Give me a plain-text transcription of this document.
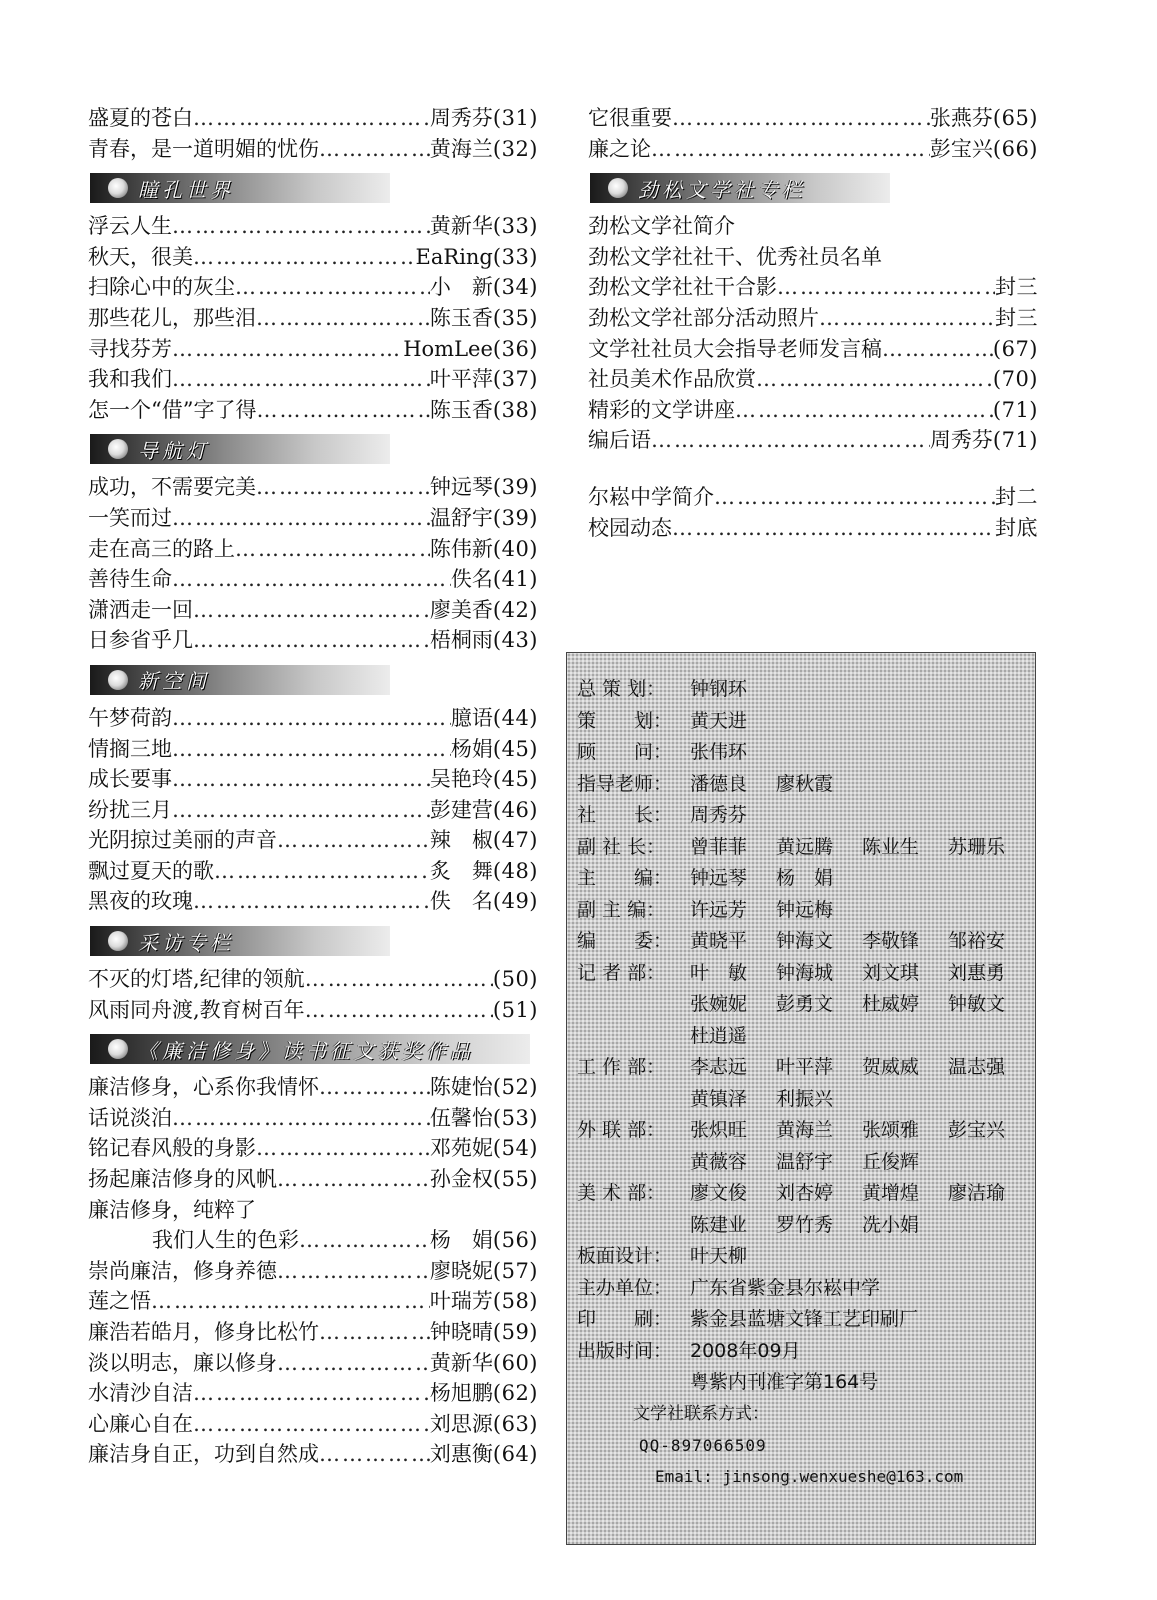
盛夏的苍白 …………………………………………………………………………………………	周秀芬 (31)
青春，是一道明媚的忧伤 …………………………………………………………………………………………	黄海兰 (32)
瞳孔世界
浮云人生 …………………………………………………………………………………………	黄新华 (33)
秋天，很美 …………………………………………………………………………………………	EaRing (33)
扫除心中的灰尘 …………………………………………………………………………………………	小　新 (34)
那些花儿，那些泪 …………………………………………………………………………………………	陈玉香 (35)
寻找芬芳 …………………………………………………………………………………………	HomLee (36)
我和我们 …………………………………………………………………………………………	叶平萍 (37)
怎一个“借”字了得 …………………………………………………………………………………………	陈玉香 (38)
导航灯
成功，不需要完美 …………………………………………………………………………………………	钟远琴 (39)
一笑而过 …………………………………………………………………………………………	温舒宇 (39)
走在高三的路上 …………………………………………………………………………………………	陈伟新 (40)
善待生命 …………………………………………………………………………………………	佚名 (41)
潇洒走一回 …………………………………………………………………………………………	廖美香 (42)
日参省乎几 …………………………………………………………………………………………	梧桐雨 (43)
新空间
午梦荷韵 …………………………………………………………………………………………	臆语 (44)
情搁三地 …………………………………………………………………………………………	杨娟 (45)
成长要事 …………………………………………………………………………………………	吴艳玲 (45)
纷扰三月 …………………………………………………………………………………………	彭建营 (46)
光阴掠过美丽的声音 …………………………………………………………………………………………	辣　椒 (47)
飘过夏天的歌 …………………………………………………………………………………………	炙　舞 (48)
黑夜的玫瑰 …………………………………………………………………………………………	佚　名 (49)
采访专栏
不灭的灯塔,纪律的领航 …………………………………………………………………………………………	(50)
风雨同舟渡,教育树百年 …………………………………………………………………………………………	(51)
《廉洁修身》读书征文获奖作品
廉洁修身，心系你我情怀 …………………………………………………………………………………………	陈婕怡 (52)
话说淡泊 …………………………………………………………………………………………	伍馨怡 (53)
铭记春风般的身影 …………………………………………………………………………………………	邓苑妮 (54)
扬起廉洁修身的风帆 …………………………………………………………………………………………	孙金权 (55)
廉洁修身，纯粹了
我们人生的色彩 …………………………………………………………………………………………	杨　娟 (56)
崇尚廉洁，修身养德 …………………………………………………………………………………………	廖晓妮 (57)
莲之悟 …………………………………………………………………………………………	叶瑞芳 (58)
廉浩若皓月，修身比松竹 …………………………………………………………………………………………	钟晓晴 (59)
淡以明志，廉以修身 …………………………………………………………………………………………	黄新华 (60)
水清沙自洁 …………………………………………………………………………………………	杨旭鹏 (62)
心廉心自在 …………………………………………………………………………………………	刘思源 (63)
廉洁身自正，功到自然成 …………………………………………………………………………………………	刘惠衡 (64)
它很重要 …………………………………………………………………………………………	张燕芬 (65)
廉之论 …………………………………………………………………………………………	彭宝兴 (66)
劲松文学社专栏
劲松文学社简介
劲松文学社社干、优秀社员名单
劲松文学社社干合影 …………………………………………………………………………………………	封三
劲松文学社部分活动照片 …………………………………………………………………………………………	封三
文学社社员大会指导老师发言稿 …………………………………………………………………………………………	(67)
社员美术作品欣赏 …………………………………………………………………………………………	(70)
精彩的文学讲座 …………………………………………………………………………………………	(71)
编后语 …………………………………………………………………………………………	周秀芬 (71)
尔崧中学简介 …………………………………………………………………………………………	封二
校园动态 …………………………………………………………………………………………	封底
总 策 划：	钟钢环
策　　划： 黄天进
顾　　问： 张伟环
指导老师： 潘德良	廖秋霞
社　　长： 周秀芬
副 社 长：	曾菲菲	黄远腾	陈业生	苏珊乐
主　　编： 钟远琴	杨　娟
副 主 编：	许远芳	钟远梅
编　　委： 黄晓平	钟海文	李敬锋	邹裕安
记 者 部：	叶　敏	钟海城	刘文琪	刘惠勇
张婉妮	彭勇文	杜威婷	钟敏文
杜逍遥
工 作 部：	李志远	叶平萍	贺威威	温志强
黄镇泽	利振兴
外 联 部：	张炽旺	黄海兰	张颂雅	彭宝兴
黄薇容	温舒宇	丘俊辉
美 术 部：	廖文俊	刘杏婷	黄增煌	廖洁瑜
陈建业	罗竹秀	冼小娟
板面设计： 叶天柳
主办单位： 广东省紫金县尔崧中学
印　　刷： 紫金县蓝塘文锋工艺印刷厂
出版时间： 2008年09月
粤紫内刊准字第164号
文学社联系方式：
QQ-897066509
Email: jinsong.wenxueshe@163.com
